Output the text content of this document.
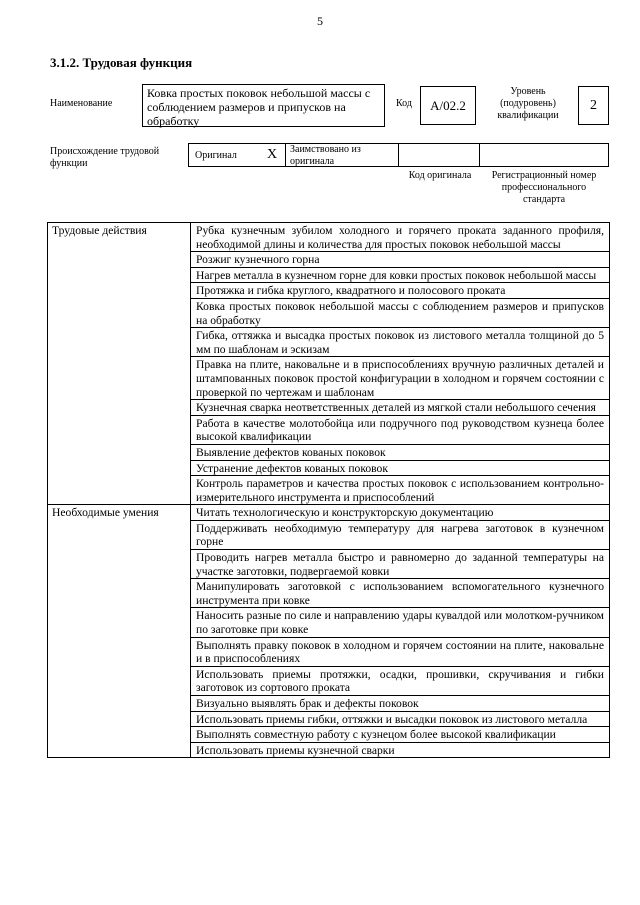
5
3.1.2. Трудовая функция
Наименование
Ковка простых поковок небольшой массы с соблюдением размеров и припусков на обработку
Код	А/02.2
Уровень (подуровень) квалификации
2
Происхождение трудовой функции
Оригинал X Заимствовано из оригинала
Код оригинала	Регистрационный номер профессионального стандарта
Трудовые действия	Рубка кузнечным зубилом холодного и горячего проката заданного профиля, необходимой длины и количества для простых поковок небольшой массы
	Розжиг кузнечного горна
	Нагрев металла в кузнечном горне для ковки простых поковок небольшой массы
	Протяжка и гибка круглого, квадратного и полосового проката
	Ковка простых поковок небольшой массы с соблюдением размеров и припусков на обработку
	Гибка, оттяжка и высадка простых поковок из листового металла толщиной до 5 мм по шаблонам и эскизам
	Правка на плите, наковальне и в приспособлениях вручную различных деталей и штампованных поковок простой конфигурации в холодном и горячем состоянии с проверкой по чертежам и шаблонам
	Кузнечная сварка неответственных деталей из мягкой стали небольшого сечения
	Работа в качестве молотобойца или подручного под руководством кузнеца более высокой квалификации
	Выявление дефектов кованых поковок
	Устранение дефектов кованых поковок
	Контроль параметров и качества простых поковок с использованием контрольно-измерительного инструмента и приспособлений
Необходимые умения	Читать технологическую и конструкторскую документацию
	Поддерживать необходимую температуру для нагрева заготовок в кузнечном горне
	Проводить нагрев металла быстро и равномерно до заданной температуры на участке заготовки, подвергаемой ковки
	Манипулировать заготовкой с использованием вспомогательного кузнечного инструмента при ковке
	Наносить разные по силе и направлению удары кувалдой или молотком-ручником по заготовке при ковке
	Выполнять правку поковок в холодном и горячем состоянии на плите, наковальне и в приспособлениях
	Использовать приемы протяжки, осадки, прошивки, скручивания и гибки заготовок из сортового проката
	Визуально выявлять брак и дефекты поковок
	Использовать приемы гибки, оттяжки и высадки поковок из листового металла
	Выполнять совместную работу с кузнецом более высокой квалификации
	Использовать приемы кузнечной сварки
